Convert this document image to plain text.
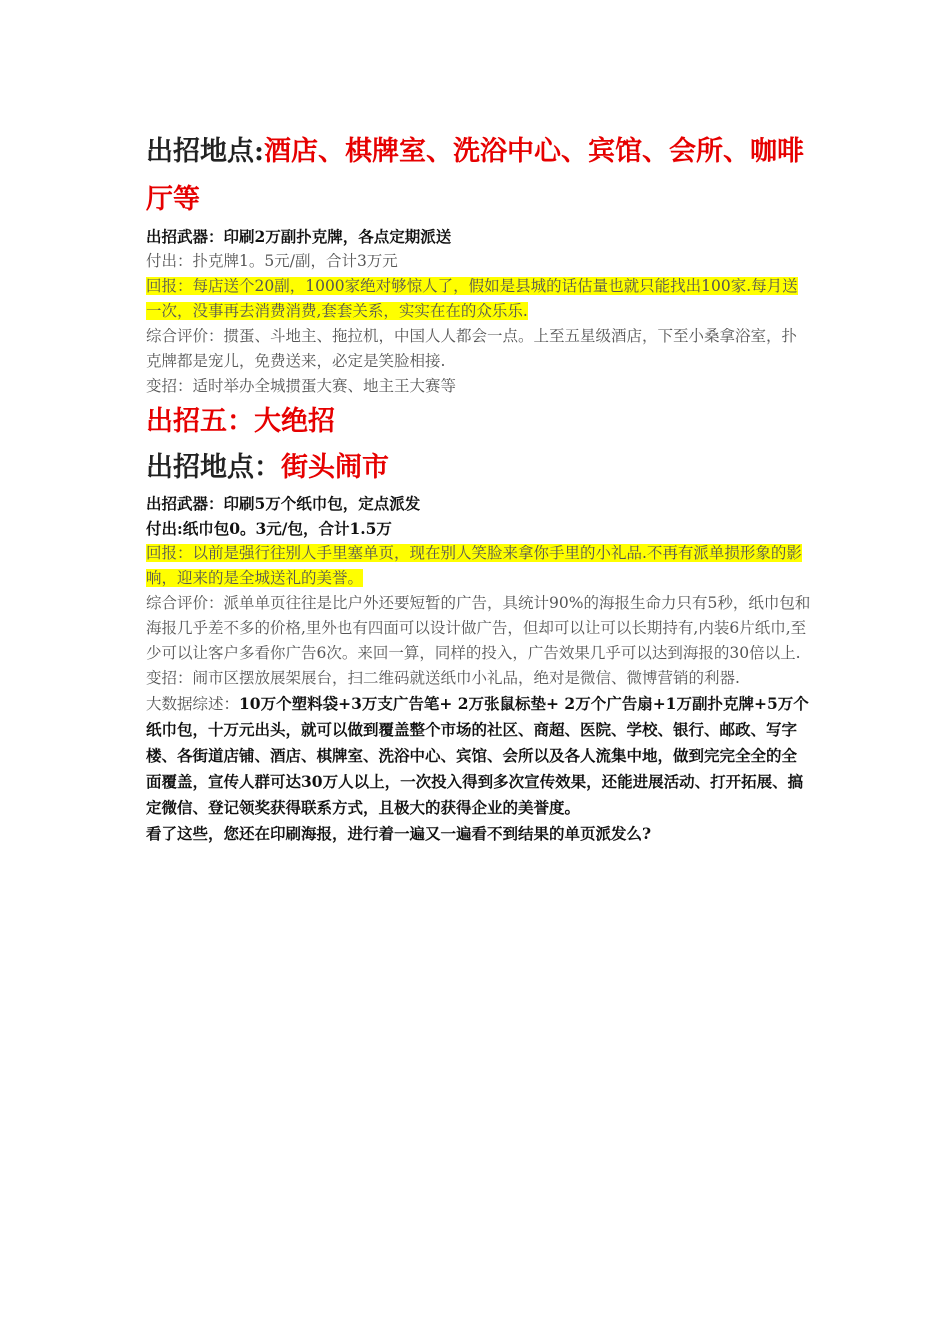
出招地点:酒店、棋牌室、洗浴中心、宾馆、会所、咖啡厅等

出招武器：印刷2万副扑克牌，各点定期派送

付出：扑克牌1。5元/副，合计3万元

回报：每店送个20副，1000家绝对够惊人了，假如是县城的话估量也就只能找出100家.每月送一次，没事再去消费消费,套套关系，实实在在的众乐乐.

综合评价：掼蛋、斗地主、拖拉机，中国人人都会一点。上至五星级酒店，下至小桑拿浴室，扑克牌都是宠儿，免费送来，必定是笑脸相接.

变招：适时举办全城掼蛋大赛、地主王大赛等

出招五：大绝招

出招地点：街头闹市

出招武器：印刷5万个纸巾包，定点派发

付出:纸巾包0。3元/包，合计1.5万

回报：以前是强行往别人手里塞单页，现在别人笑脸来拿你手里的小礼品.不再有派单损形象的影响，迎来的是全城送礼的美誉。

综合评价：派单单页往往是比户外还要短暂的广告，具统计90%的海报生命力只有5秒，纸巾包和海报几乎差不多的价格,里外也有四面可以设计做广告，但却可以让可以长期持有,内装6片纸巾,至少可以让客户多看你广告6次。来回一算，同样的投入，广告效果几乎可以达到海报的30倍以上.

变招：闹市区摆放展架展台，扫二维码就送纸巾小礼品，绝对是微信、微博营销的利器.

大数据综述：10万个塑料袋+3万支广告笔+ 2万张鼠标垫+ 2万个广告扇+1万副扑克牌+5万个纸巾包，十万元出头，就可以做到覆盖整个市场的社区、商超、医院、学校、银行、邮政、写字楼、各街道店铺、酒店、棋牌室、洗浴中心、宾馆、会所以及各人流集中地，做到完完全全的全面覆盖，宣传人群可达30万人以上，一次投入得到多次宣传效果，还能进展活动、打开拓展、搞定微信、登记领奖获得联系方式，且极大的获得企业的美誉度。

看了这些，您还在印刷海报，进行着一遍又一遍看不到结果的单页派发么?
